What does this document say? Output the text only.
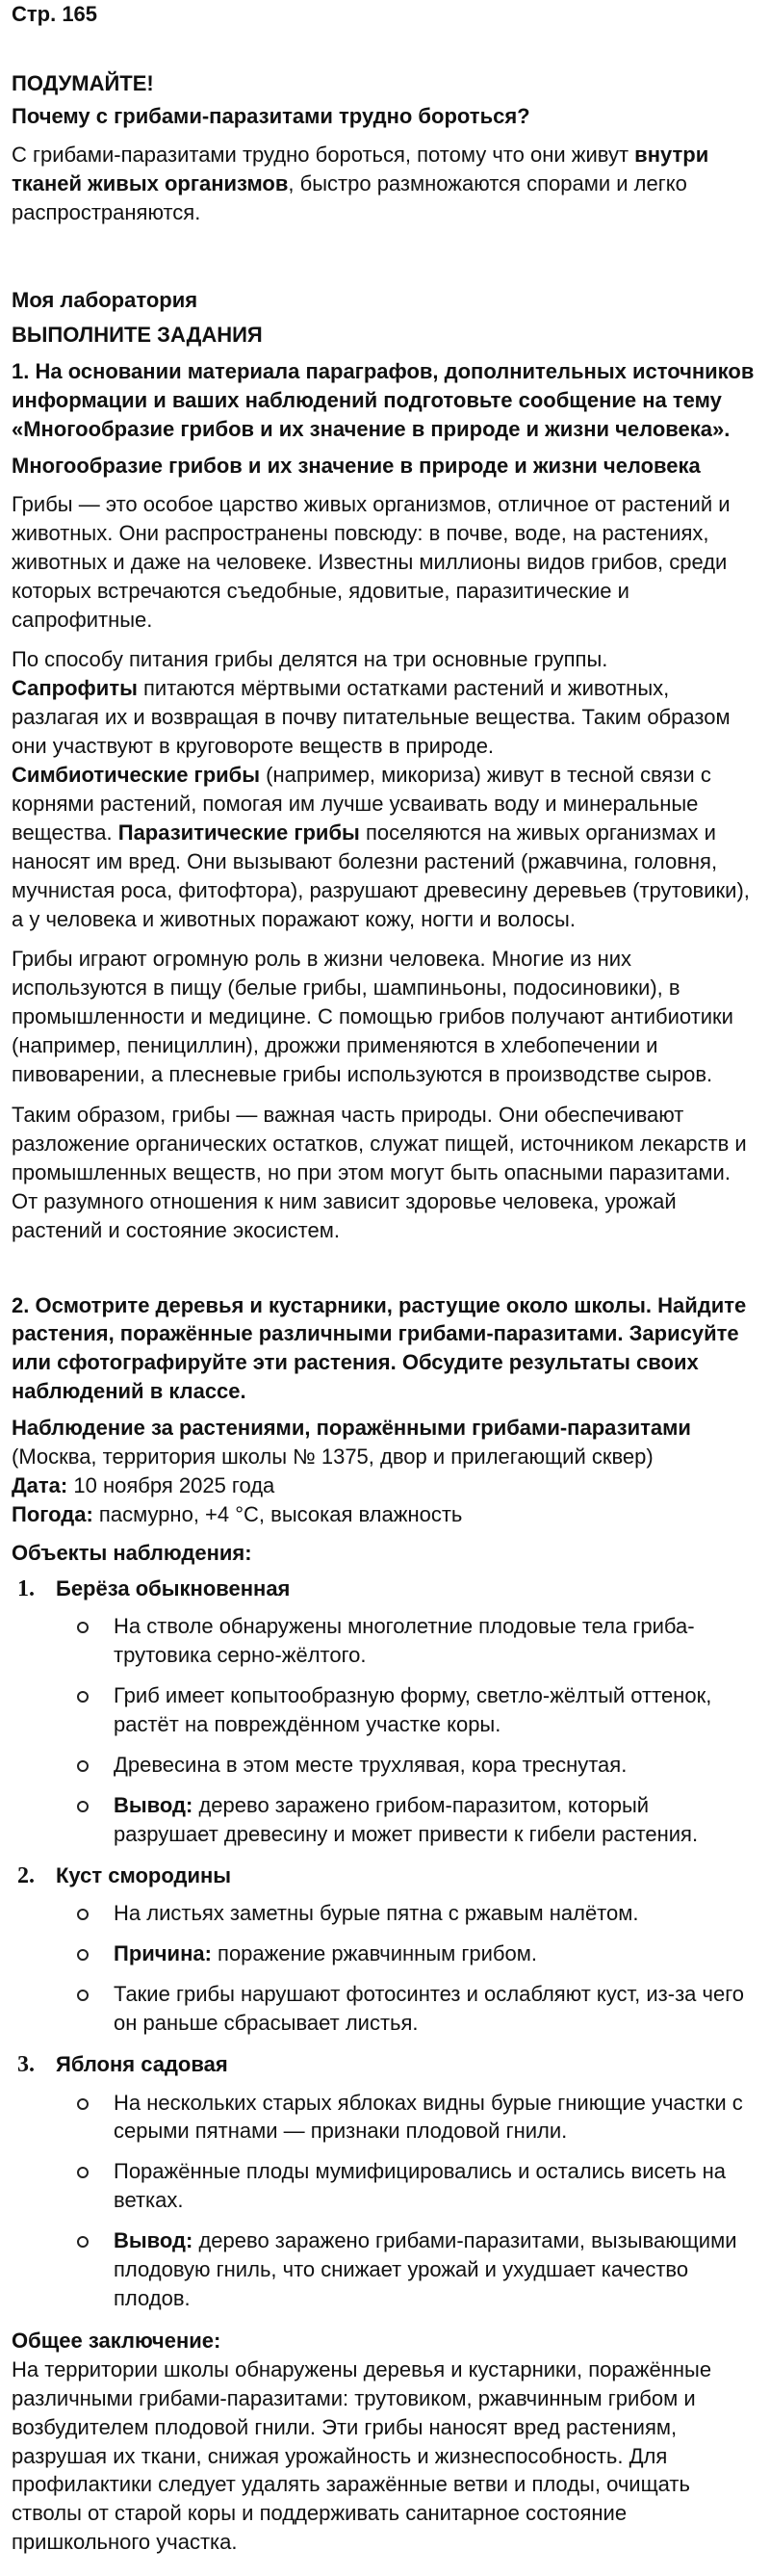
Стр. 165
ПОДУМАЙТЕ!
Почему с грибами-паразитами трудно бороться?

С грибами-паразитами трудно бороться, потому что они живут внутри тканей живых организмов, быстро размножаются спорами и легко распространяются.

Моя лаборатория
ВЫПОЛНИТЕ ЗАДАНИЯ
1. На основании материала параграфов, дополнительных источников информации и ваших наблюдений подготовьте сообщение на тему «Многообразие грибов и их значение в природе и жизни человека».
Многообразие грибов и их значение в природе и жизни человека

Грибы — это особое царство живых организмов, отличное от растений и животных. Они распространены повсюду: в почве, воде, на растениях, животных и даже на человеке. Известны миллионы видов грибов, среди которых встречаются съедобные, ядовитые, паразитические и сапрофитные.

По способу питания грибы делятся на три основные группы.
Сапрофиты питаются мёртвыми остатками растений и животных, разлагая их и возвращая в почву питательные вещества. Таким образом они участвуют в круговороте веществ в природе.
Симбиотические грибы (например, микориза) живут в тесной связи с корнями растений, помогая им лучше усваивать воду и минеральные вещества. Паразитические грибы поселяются на живых организмах и наносят им вред. Они вызывают болезни растений (ржавчина, головня, мучнистая роса, фитофтора), разрушают древесину деревьев (трутовики), а у человека и животных поражают кожу, ногти и волосы.

Грибы играют огромную роль в жизни человека. Многие из них используются в пищу (белые грибы, шампиньоны, подосиновики), в промышленности и медицине. С помощью грибов получают антибиотики (например, пенициллин), дрожжи применяются в хлебопечении и пивоварении, а плесневые грибы используются в производстве сыров.

Таким образом, грибы — важная часть природы. Они обеспечивают разложение органических остатков, служат пищей, источником лекарств и промышленных веществ, но при этом могут быть опасными паразитами. От разумного отношения к ним зависит здоровье человека, урожай растений и состояние экосистем.

2. Осмотрите деревья и кустарники, растущие около школы. Найдите растения, поражённые различными грибами-паразитами. Зарисуйте или сфотографируйте эти растения. Обсудите результаты своих наблюдений в классе.
Наблюдение за растениями, поражёнными грибами-паразитами
(Москва, территория школы № 1375, двор и прилегающий сквер)
Дата: 10 ноября 2025 года
Погода: пасмурно, +4 °С, высокая влажность
Объекты наблюдения:
1.	Берёза обыкновенная
На стволе обнаружены многолетние плодовые тела гриба-трутовика серно-жёлтого.
Гриб имеет копытообразную форму, светло-жёлтый оттенок, растёт на повреждённом участке коры.
Древесина в этом месте трухлявая, кора треснутая.
Вывод: дерево заражено грибом-паразитом, который разрушает древесину и может привести к гибели растения.
2.	Куст смородины
На листьях заметны бурые пятна с ржавым налётом.
Причина: поражение ржавчинным грибом.
Такие грибы нарушают фотосинтез и ослабляют куст, из-за чего он раньше сбрасывает листья.
3.	Яблоня садовая
На нескольких старых яблоках видны бурые гниющие участки с серыми пятнами — признаки плодовой гнили.
Поражённые плоды мумифицировались и остались висеть на ветках.
Вывод: дерево заражено грибами-паразитами, вызывающими плодовую гниль, что снижает урожай и ухудшает качество плодов.
Общее заключение:

На территории школы обнаружены деревья и кустарники, поражённые различными грибами-паразитами: трутовиком, ржавчинным грибом и возбудителем плодовой гнили. Эти грибы наносят вред растениям, разрушая их ткани, снижая урожайность и жизнеспособность. Для профилактики следует удалять заражённые ветви и плоды, очищать стволы от старой коры и поддерживать санитарное состояние пришкольного участка.
